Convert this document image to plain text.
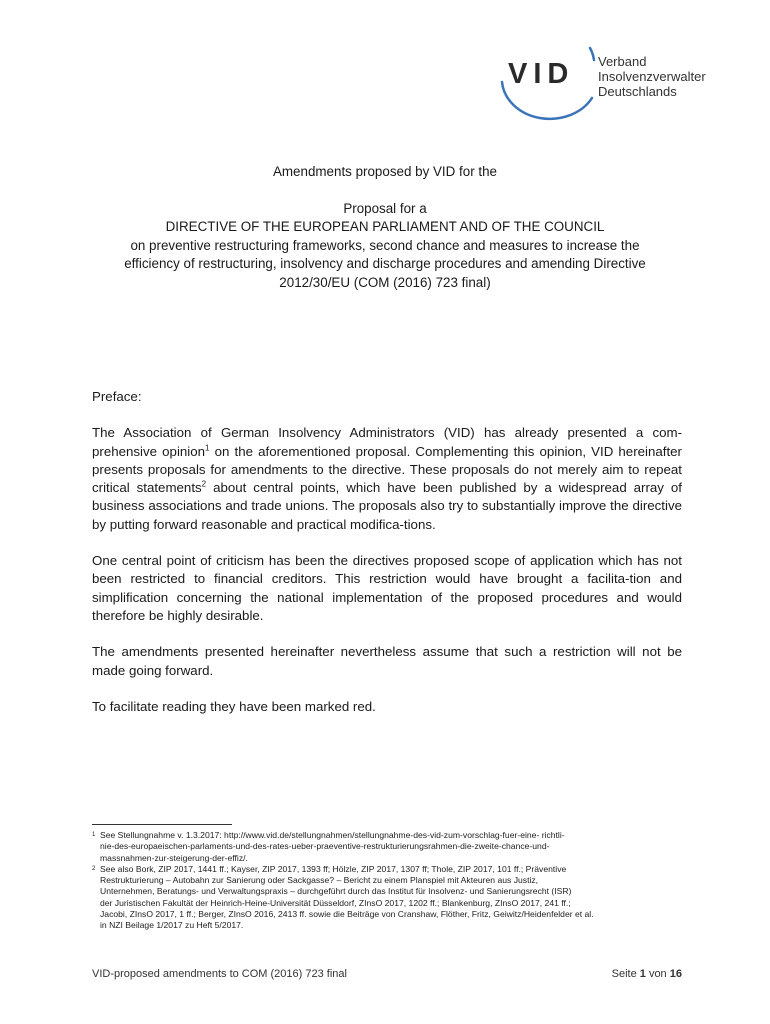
VID Verband
Insolvenzverwalter
Deutschlands
Amendments proposed by VID for the
Proposal for a
DIRECTIVE OF THE EUROPEAN PARLIAMENT AND OF THE COUNCIL
on preventive restructuring frameworks, second chance and measures to increase the
efficiency of restructuring, insolvency and discharge procedures and amending Directive
2012/30/EU (COM (2016) 723 final)

Preface:

The Association of German Insolvency Administrators (VID) has already presented a com-prehensive opinion$^1$ on the aforementioned proposal. Complementing this opinion, VID hereinafter presents proposals for amendments to the directive. These proposals do not merely aim to repeat critical statements$^2$ about central points, which have been published by a widespread array of business associations and trade unions. The proposals also try to substantially improve the directive by putting forward reasonable and practical modifica-tions.

One central point of criticism has been the directives proposed scope of application which has not been restricted to financial creditors. This restriction would have brought a facilita-tion and simplification concerning the national implementation of the proposed procedures and would therefore be highly desirable.

The amendments presented hereinafter nevertheless assume that such a restriction will not be made going forward.

To facilitate reading they have been marked red.

1 See Stellungnahme v. 1.3.2017: http://www.vid.de/stellungnahmen/stellungnahme-des-vid-zum-vorschlag-fuer-eine- richtli-
nie-des-europaeischen-parlaments-und-des-rates-ueber-praeventive-restrukturierungsrahmen-die-zweite-chance-und-
massnahmen-zur-steigerung-der-effiz/.
2 See also Bork, ZIP 2017, 1441 ff.; Kayser, ZIP 2017, 1393 ff; Hölzle, ZIP 2017, 1307 ff; Thole, ZIP 2017, 101 ff.; Präventive
Restrukturierung – Autobahn zur Sanierung oder Sackgasse? – Bericht zu einem Planspiel mit Akteuren aus Justiz,
Unternehmen, Beratungs- und Verwaltungspraxis – durchgeführt durch das Institut für Insolvenz- und Sanierungsrecht (ISR)
der Juristischen Fakultät der Heinrich-Heine-Universität Düsseldorf, ZInsO 2017, 1202 ff.; Blankenburg, ZInsO 2017, 241 ff.;
Jacobi, ZInsO 2017, 1 ff.; Berger, ZInsO 2016, 2413 ff. sowie die Beiträge von Cranshaw, Flöther, Fritz, Geiwitz/Heidenfelder et al.
in NZI Beilage 1/2017 zu Heft 5/2017.
VID-proposed amendments to COM (2016) 723 final	Seite 1 von 16
